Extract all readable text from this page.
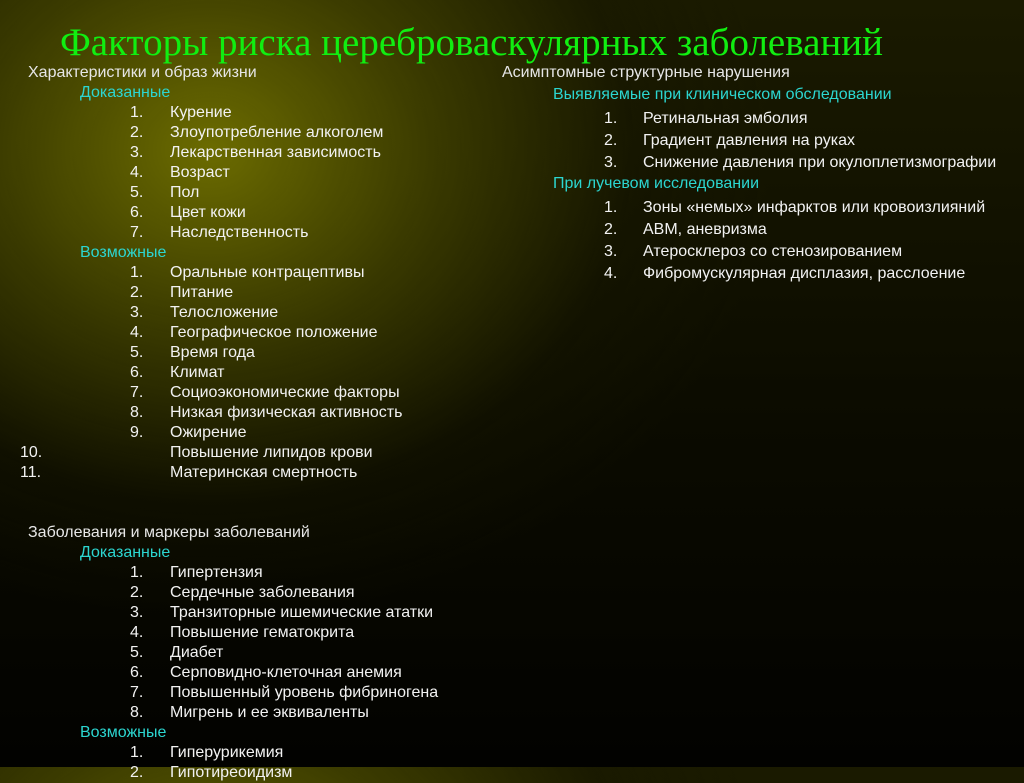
Факторы риска цереброваскулярных заболеваний
Характеристики и образ жизни
Доказанные
1.	Курение
2.	Злоупотребление алкоголем
3.	Лекарственная зависимость
4.	Возраст
5.	Пол
6.	Цвет кожи
7.	Наследственность
Возможные
1.	Оральные контрацептивы
2.	Питание
3.	Телосложение
4.	Географическое положение
5.	Время года
6.	Климат
7.	Социоэкономические факторы
8.	Низкая физическая активность
9.	Ожирение
10.	Повышение липидов крови
11.	Материнская смертность
Заболевания и маркеры заболеваний
Доказанные
1.	Гипертензия
2.	Сердечные заболевания
3.	Транзиторные ишемические ататки
4.	Повышение гематокрита
5.	Диабет
6.	Серповидно-клеточная анемия
7.	Повышенный уровень фибриногена
8.	Мигрень и ее эквиваленты
Возможные
1.	Гиперурикемия
2.	Гипотиреоидизм
Асимптомные структурные нарушения
Выявляемые при клиническом обследовании
1.	Ретинальная эмболия
2.	Градиент давления на руках
3.	Снижение давления при окулоплетизмографии
При лучевом исследовании
1.	Зоны «немых» инфарктов или кровоизлияний
2.	АВМ, аневризма
3.	Атеросклероз со стенозированием
4.	Фибромускулярная дисплазия, расслоение
